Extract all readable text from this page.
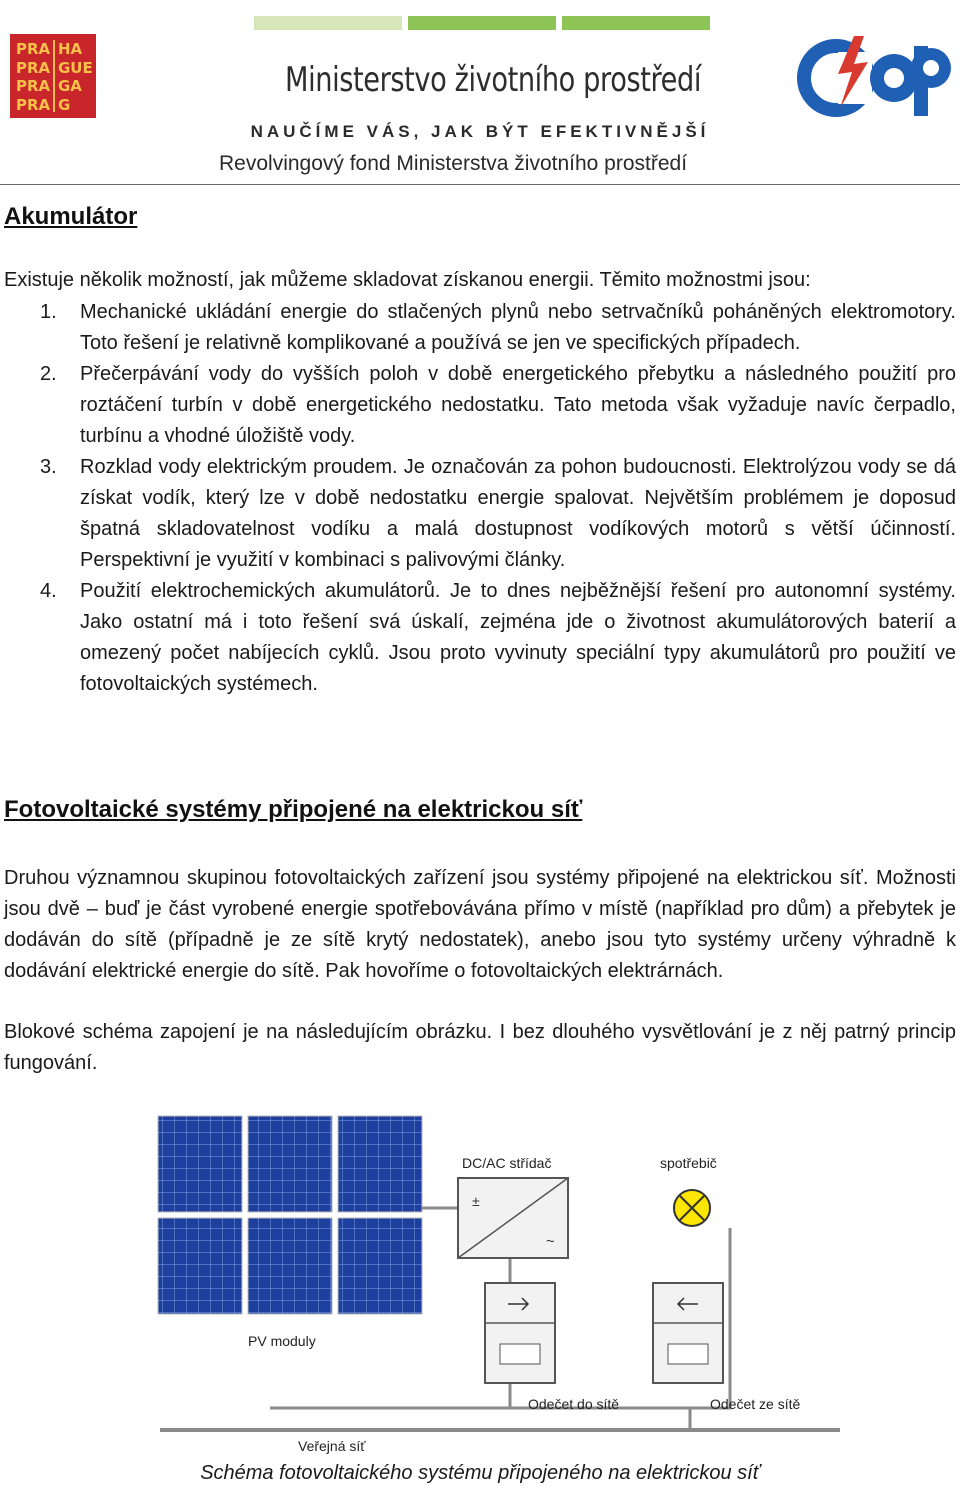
PRA
PRA
PRA
PRA
HA
GUE
GA
G
Ministerstvo životního prostředí
NAUČÍME VÁS, JAK BÝT EFEKTIVNĚJŠÍ
Revolvingový fond Ministerstva životního prostředí
Akumulátor

Existuje několik možností, jak můžeme skladovat získanou energii. Těmito možnostmi jsou:

1. Mechanické ukládání energie do stlačených plynů nebo setrvačníků poháněných elektromotory. Toto řešení je relativně komplikované a používá se jen ve specifických případech.
2. Přečerpávání vody do vyšších poloh v době energetického přebytku a následného použití pro roztáčení turbín v době energetického nedostatku. Tato metoda však vyžaduje navíc čerpadlo, turbínu a vhodné úložiště vody.
3. Rozklad vody elektrickým proudem. Je označován za pohon budoucnosti. Elektrolýzou vody se dá získat vodík, který lze v době nedostatku energie spalovat. Největším problémem je doposud špatná skladovatelnost vodíku a malá dostupnost vodíkových motorů s větší účinností. Perspektivní je využití v kombinaci s palivovými články.
4. Použití elektrochemických akumulátorů. Je to dnes nejběžnější řešení pro autonomní systémy. Jako ostatní má i toto řešení svá úskalí, zejména jde o životnost akumulátorových baterií a omezený počet nabíjecích cyklů. Jsou proto vyvinuty speciální typy akumulátorů pro použití ve fotovoltaických systémech.
Fotovoltaické systémy připojené na elektrickou síť

Druhou významnou skupinou fotovoltaických zařízení jsou systémy připojené na elektrickou síť. Možnosti jsou dvě – buď je část vyrobené energie spotřebovávána přímo v místě (například pro dům) a přebytek je dodáván do sítě (případně je ze sítě krytý nedostatek), anebo jsou tyto systémy určeny výhradně k dodávání elektrické energie do sítě. Pak hovoříme o fotovoltaických elektrárnách.

Blokové schéma zapojení je na následujícím obrázku. I bez dlouhého vysvětlování je z něj patrný princip fungování.

PV moduly
±
~
DC/AC střídač	spotřebič
Odečet do sítě	Odečet ze sítě
Veřejná síť
Schéma fotovoltaického systému připojeného na elektrickou síť
